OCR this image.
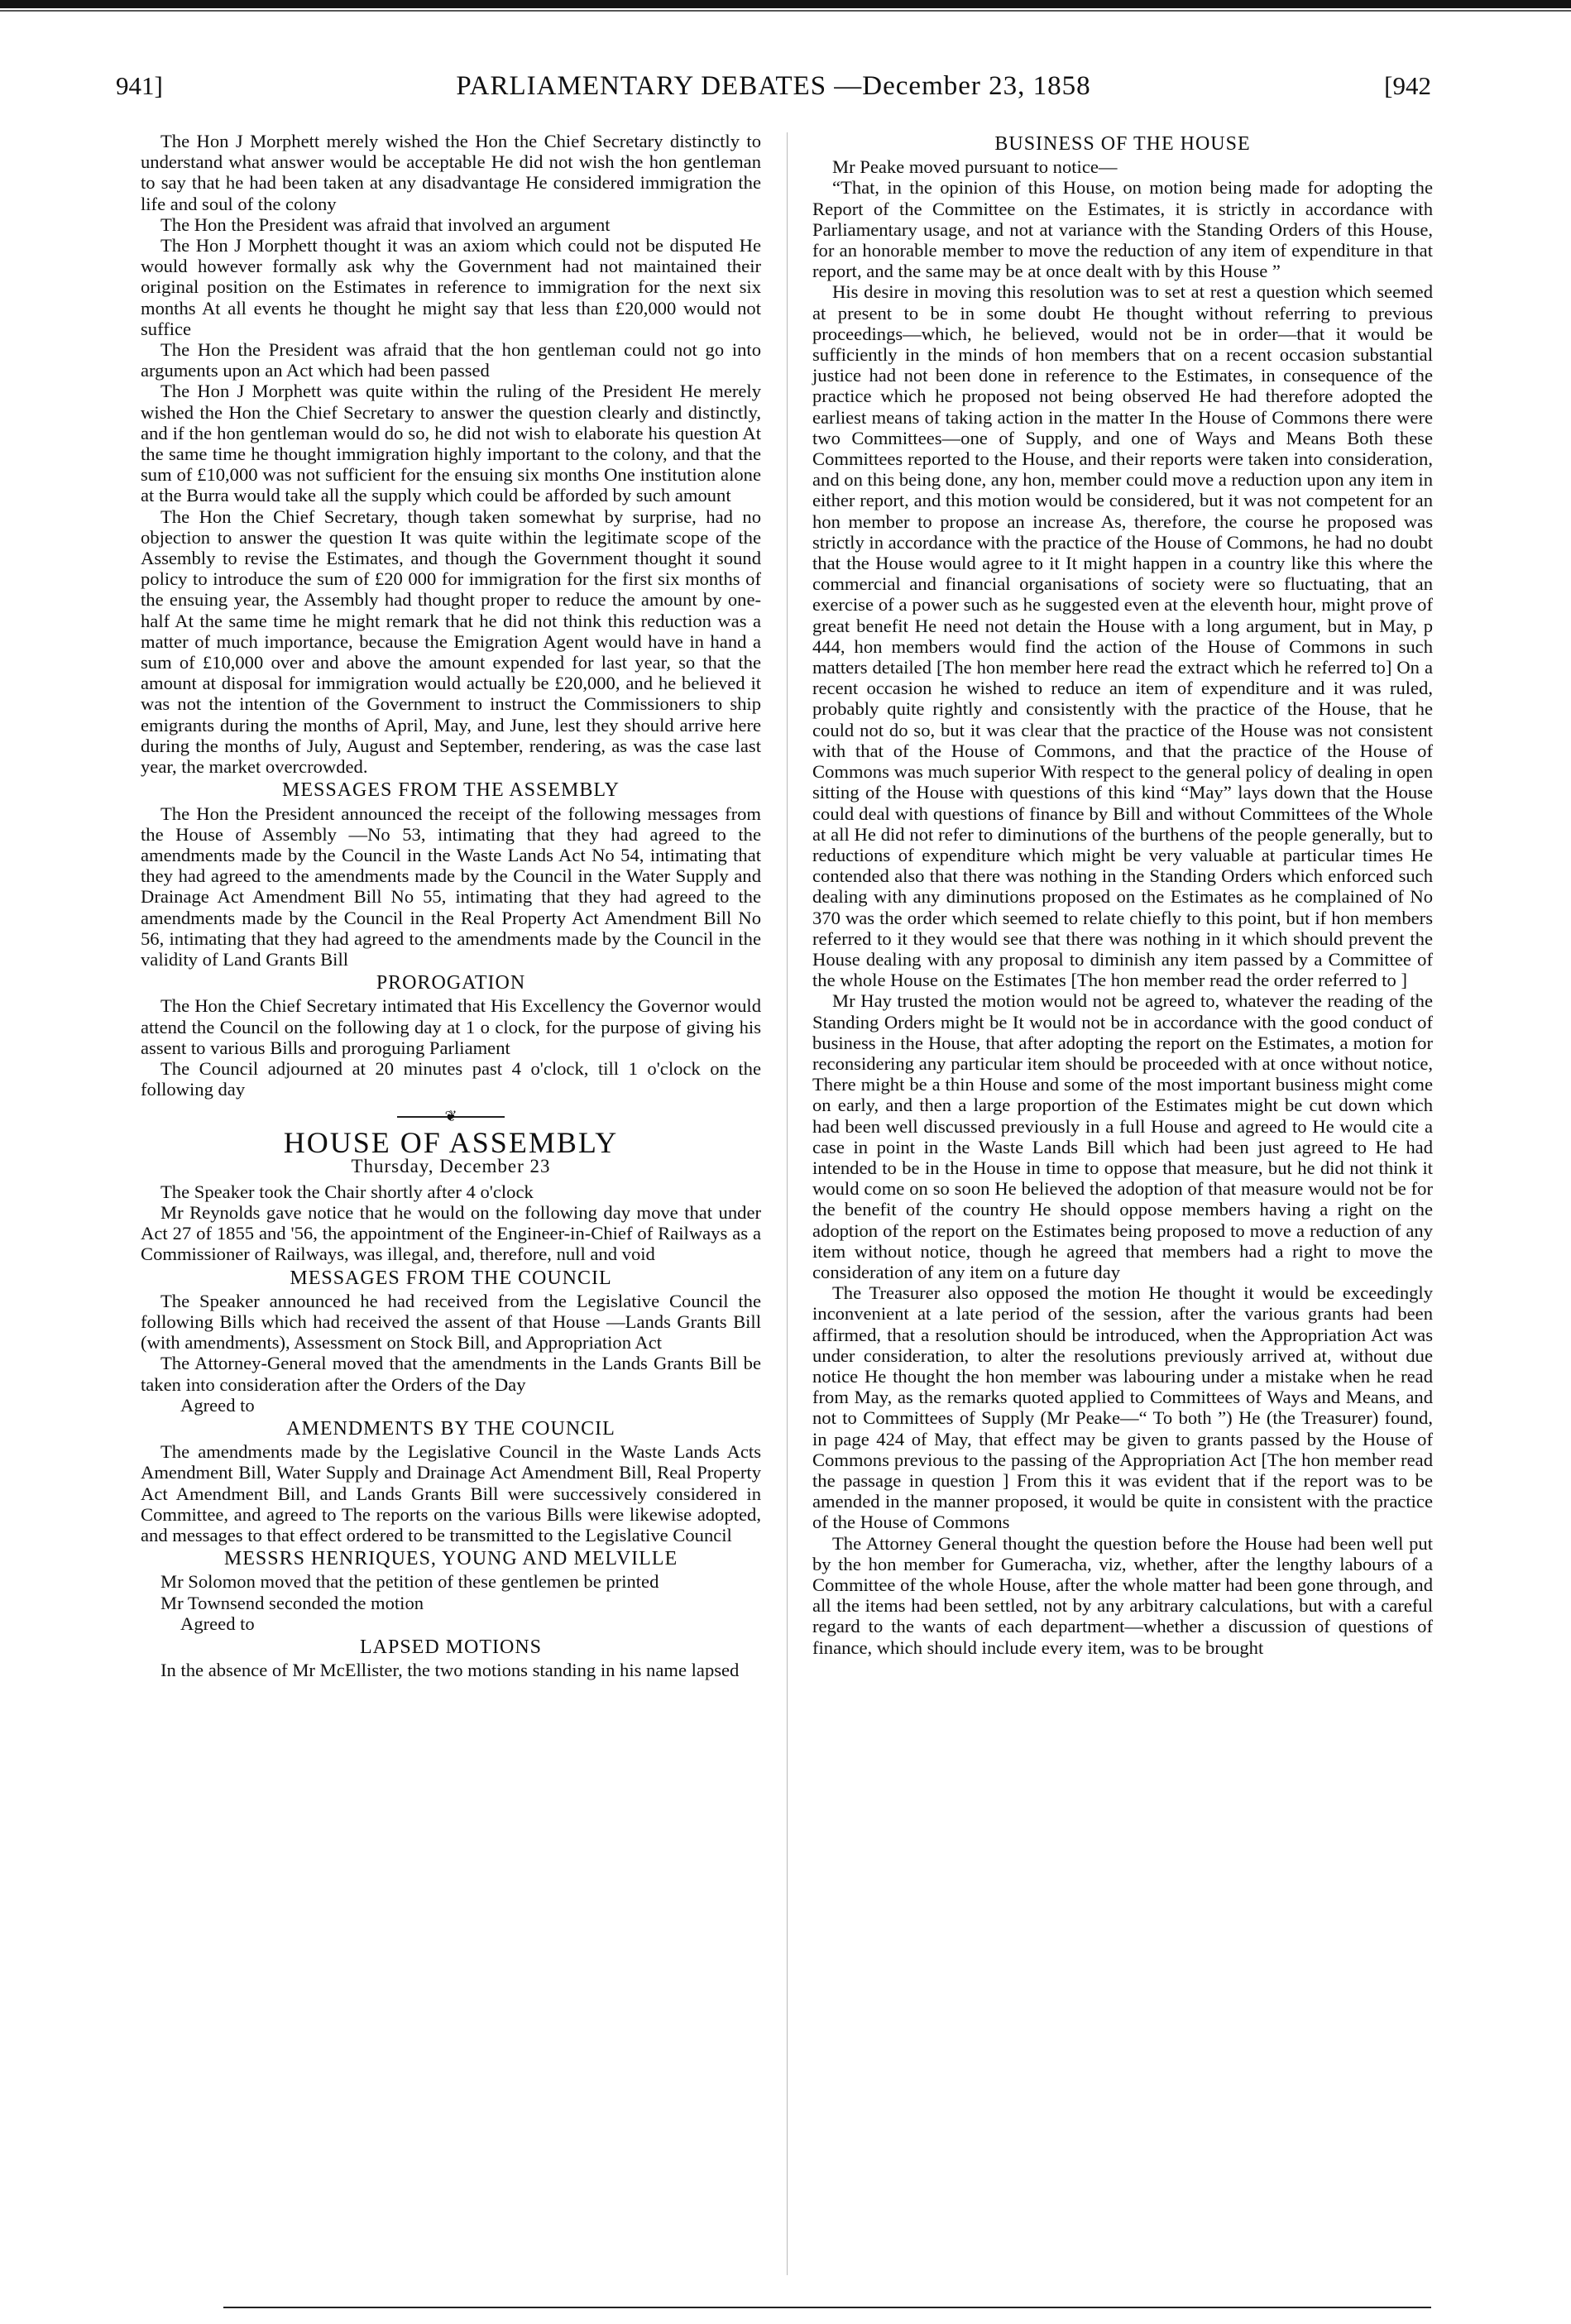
941]	PARLIAMENTARY DEBATES —December 23, 1858	[942

The Hon J Morphett merely wished the Hon the Chief Secretary distinctly to understand what answer would be acceptable He did not wish the hon gentleman to say that he had been taken at any disadvantage He considered immigration the life and soul of the colony

The Hon the President was afraid that involved an argument

The Hon J Morphett thought it was an axiom which could not be disputed He would however formally ask why the Government had not maintained their original position on the Estimates in reference to immigration for the next six months At all events he thought he might say that less than £20,000 would not suffice

The Hon the President was afraid that the hon gentleman could not go into arguments upon an Act which had been passed

The Hon J Morphett was quite within the ruling of the President He merely wished the Hon the Chief Secretary to answer the question clearly and distinctly, and if the hon gentleman would do so, he did not wish to elaborate his question At the same time he thought immigration highly important to the colony, and that the sum of £10,000 was not sufficient for the ensuing six months One institution alone at the Burra would take all the supply which could be afforded by such amount

The Hon the Chief Secretary, though taken somewhat by surprise, had no objection to answer the question It was quite within the legitimate scope of the Assembly to revise the Estimates, and though the Government thought it sound policy to introduce the sum of £20 000 for immigration for the first six months of the ensuing year, the Assembly had thought proper to reduce the amount by one-half At the same time he might remark that he did not think this reduction was a matter of much importance, because the Emigration Agent would have in hand a sum of £10,000 over and above the amount expended for last year, so that the amount at disposal for immigration would actually be £20,000, and he believed it was not the intention of the Government to instruct the Commissioners to ship emigrants during the months of April, May, and June, lest they should arrive here during the months of July, August and September, rendering, as was the case last year, the market overcrowded.

MESSAGES FROM THE ASSEMBLY

The Hon the President announced the receipt of the following messages from the House of Assembly —No 53, intimating that they had agreed to the amendments made by the Council in the Waste Lands Act No 54, intimating that they had agreed to the amendments made by the Council in the Water Supply and Drainage Act Amendment Bill No 55, intimating that they had agreed to the amendments made by the Council in the Real Property Act Amendment Bill No 56, intimating that they had agreed to the amendments made by the Council in the validity of Land Grants Bill

PROROGATION

The Hon the Chief Secretary intimated that His Excellency the Governor would attend the Council on the following day at 1 o clock, for the purpose of giving his assent to various Bills and proroguing Parliament

The Council adjourned at 20 minutes past 4 o'clock, till 1 o'clock on the following day

❦
HOUSE OF ASSEMBLY
Thursday, December 23

The Speaker took the Chair shortly after 4 o'clock

Mr Reynolds gave notice that he would on the following day move that under Act 27 of 1855 and '56, the appointment of the Engineer-in-Chief of Railways as a Commissioner of Railways, was illegal, and, therefore, null and void

MESSAGES FROM THE COUNCIL

The Speaker announced he had received from the Legislative Council the following Bills which had received the assent of that House —Lands Grants Bill (with amendments), Assessment on Stock Bill, and Appropriation Act

The Attorney-General moved that the amendments in the Lands Grants Bill be taken into consideration after the Orders of the Day

Agreed to
AMENDMENTS BY THE COUNCIL

The amendments made by the Legislative Council in the Waste Lands Acts Amendment Bill, Water Supply and Drainage Act Amendment Bill, Real Property Act Amendment Bill, and Lands Grants Bill were successively considered in Committee, and agreed to The reports on the various Bills were likewise adopted, and messages to that effect ordered to be transmitted to the Legislative Council

MESSRS HENRIQUES, YOUNG AND MELVILLE

Mr Solomon moved that the petition of these gentlemen be printed

Mr Townsend seconded the motion

Agreed to
LAPSED MOTIONS

In the absence of Mr McEllister, the two motions standing in his name lapsed

BUSINESS OF THE HOUSE

Mr Peake moved pursuant to notice—

“That, in the opinion of this House, on motion being made for adopting the Report of the Committee on the Estimates, it is strictly in accordance with Parliamentary usage, and not at variance with the Standing Orders of this House, for an honorable member to move the reduction of any item of expenditure in that report, and the same may be at once dealt with by this House ”

His desire in moving this resolution was to set at rest a question which seemed at present to be in some doubt He thought without referring to previous proceedings—which, he believed, would not be in order—that it would be sufficiently in the minds of hon members that on a recent occasion substantial justice had not been done in reference to the Estimates, in consequence of the practice which he proposed not being observed He had therefore adopted the earliest means of taking action in the matter In the House of Commons there were two Committees—one of Supply, and one of Ways and Means Both these Committees reported to the House, and their reports were taken into consideration, and on this being done, any hon, member could move a reduction upon any item in either report, and this motion would be considered, but it was not competent for an hon member to propose an increase As, therefore, the course he proposed was strictly in accordance with the practice of the House of Commons, he had no doubt that the House would agree to it It might happen in a country like this where the commercial and financial organisations of society were so fluctuating, that an exercise of a power such as he suggested even at the eleventh hour, might prove of great benefit He need not detain the House with a long argument, but in May, p 444, hon members would find the action of the House of Commons in such matters detailed [The hon member here read the extract which he referred to] On a recent occasion he wished to reduce an item of expenditure and it was ruled, probably quite rightly and consistently with the practice of the House, that he could not do so, but it was clear that the practice of the House was not consistent with that of the House of Commons, and that the practice of the House of Commons was much superior With respect to the general policy of dealing in open sitting of the House with questions of this kind “May” lays down that the House could deal with questions of finance by Bill and without Committees of the Whole at all He did not refer to diminutions of the burthens of the people generally, but to reductions of expenditure which might be very valuable at particular times He contended also that there was nothing in the Standing Orders which enforced such dealing with any diminutions proposed on the Estimates as he complained of No 370 was the order which seemed to relate chiefly to this point, but if hon members referred to it they would see that there was nothing in it which should prevent the House dealing with any proposal to diminish any item passed by a Committee of the whole House on the Estimates [The hon member read the order referred to ]

Mr Hay trusted the motion would not be agreed to, whatever the reading of the Standing Orders might be It would not be in accordance with the good conduct of business in the House, that after adopting the report on the Estimates, a motion for reconsidering any particular item should be proceeded with at once without notice, There might be a thin House and some of the most important business might come on early, and then a large proportion of the Estimates might be cut down which had been well discussed previously in a full House and agreed to He would cite a case in point in the Waste Lands Bill which had been just agreed to He had intended to be in the House in time to oppose that measure, but he did not think it would come on so soon He believed the adoption of that measure would not be for the benefit of the country He should oppose members having a right on the adoption of the report on the Estimates being proposed to move a reduction of any item without notice, though he agreed that members had a right to move the consideration of any item on a future day

The Treasurer also opposed the motion He thought it would be exceedingly inconvenient at a late period of the session, after the various grants had been affirmed, that a resolution should be introduced, when the Appropriation Act was under consideration, to alter the resolutions previously arrived at, without due notice He thought the hon member was labouring under a mistake when he read from May, as the remarks quoted applied to Committees of Ways and Means, and not to Committees of Supply (Mr Peake—“ To both ”) He (the Treasurer) found, in page 424 of May, that effect may be given to grants passed by the House of Commons previous to the passing of the Appropriation Act [The hon member read the passage in question ] From this it was evident that if the report was to be amended in the manner proposed, it would be quite in consistent with the practice of the House of Commons

The Attorney General thought the question before the House had been well put by the hon member for Gumeracha, viz, whether, after the lengthy labours of a Committee of the whole House, after the whole matter had been gone through, and all the items had been settled, not by any arbitrary calculations, but with a careful regard to the wants of each department—whether a discussion of questions of finance, which should include every item, was to be brought
